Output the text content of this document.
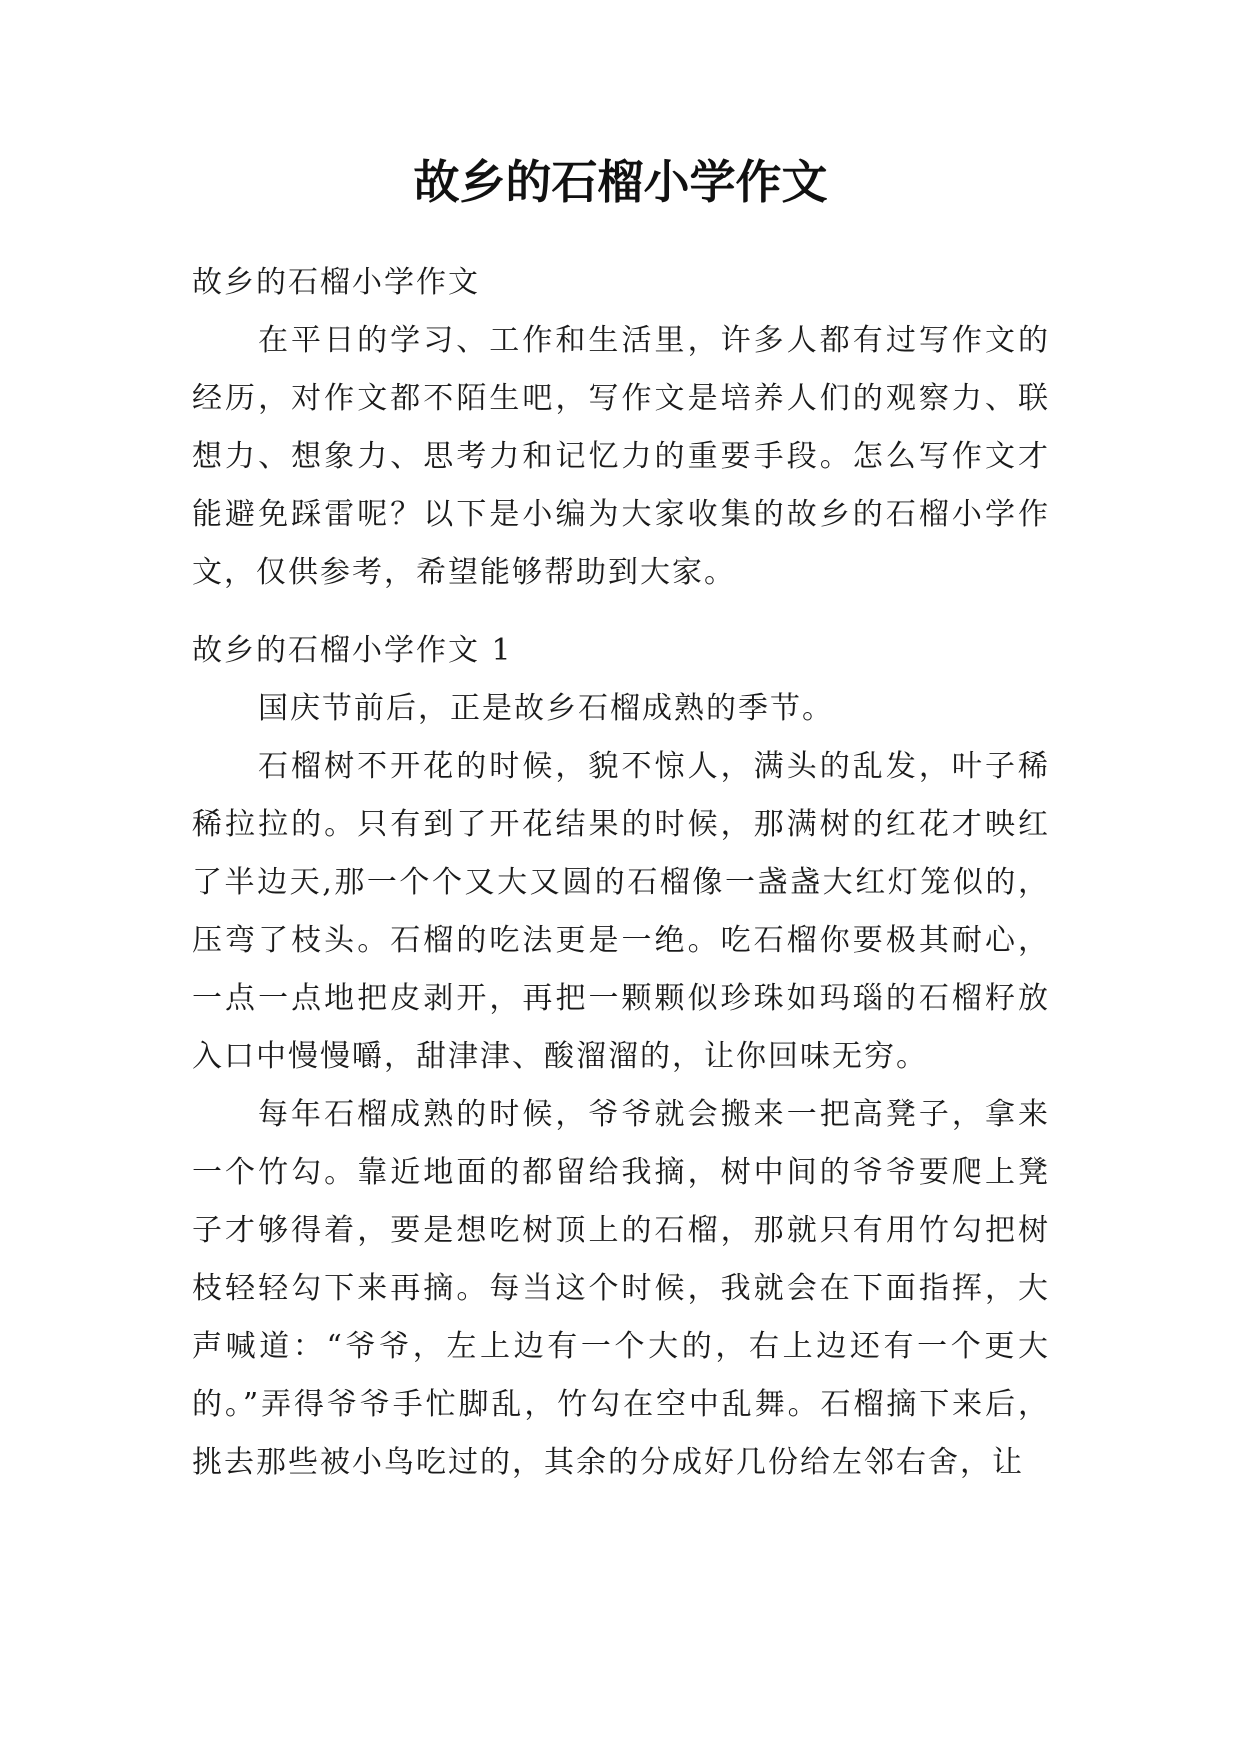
故乡的石榴小学作文
故乡的石榴小学作文
在平日的学习、工作和生活里，许多人都有过写作文的经历，对作文都不陌生吧，写作文是培养人们的观察力、联想力、想象力、思考力和记忆力的重要手段。怎么写作文才能避免踩雷呢？以下是小编为大家收集的故乡的石榴小学作文，仅供参考，希望能够帮助到大家。
故乡的石榴小学作文 1
国庆节前后，正是故乡石榴成熟的季节。
石榴树不开花的时候，貌不惊人，满头的乱发，叶子稀稀拉拉的。只有到了开花结果的时候，那满树的红花才映红了半边天,那一个个又大又圆的石榴像一盏盏大红灯笼似的，压弯了枝头。石榴的吃法更是一绝。吃石榴你要极其耐心，一点一点地把皮剥开，再把一颗颗似珍珠如玛瑙的石榴籽放入口中慢慢嚼，甜津津、酸溜溜的，让你回味无穷。
每年石榴成熟的时候，爷爷就会搬来一把高凳子，拿来一个竹勾。靠近地面的都留给我摘，树中间的爷爷要爬上凳子才够得着，要是想吃树顶上的石榴，那就只有用竹勾把树枝轻轻勾下来再摘。每当这个时候，我就会在下面指挥，大声喊道：“爷爷，左上边有一个大的，右上边还有一个更大的。”弄得爷爷手忙脚乱，竹勾在空中乱舞。石榴摘下来后，挑去那些被小鸟吃过的，其余的分成好几份给左邻右舍，让
